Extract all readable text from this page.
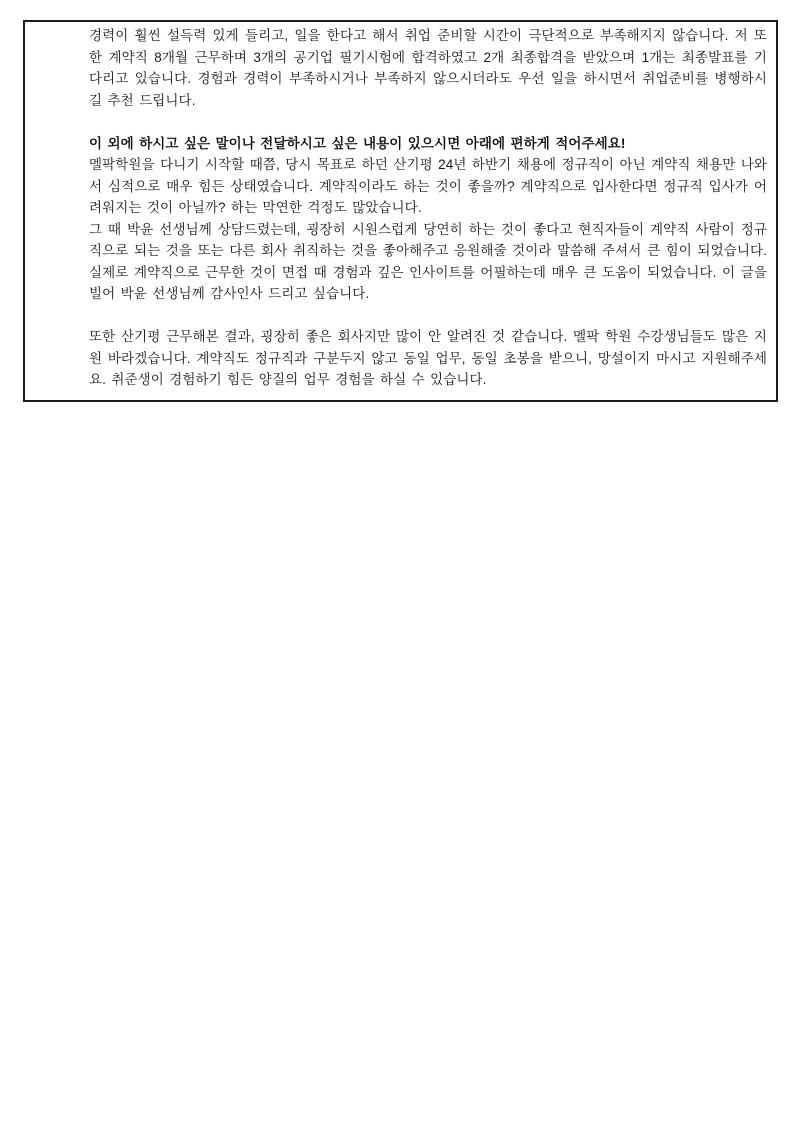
경력이 훨씬 설득력 있게 들리고, 일을 한다고 해서 취업 준비할 시간이 극단적으로 부족해지지 않습니다. 저 또한 계약직 8개월 근무하며 3개의 공기업 필기시험에 합격하였고 2개 최종합격을 받았으며 1개는 최종발표를 기다리고 있습니다. 경험과 경력이 부족하시거나 부족하지 않으시더라도 우선 일을 하시면서 취업준비를 병행하시길 추천 드립니다.

이 외에 하시고 싶은 말이나 전달하시고 싶은 내용이 있으시면 아래에 편하게 적어주세요!

멜팍학원을 다니기 시작할 때쯤, 당시 목표로 하던 산기평 24년 하반기 채용에 정규직이 아닌 계약직 채용만 나와서 심적으로 매우 힘든 상태였습니다. 계약직이라도 하는 것이 좋을까? 계약직으로 입사한다면 정규직 입사가 어려워지는 것이 아닐까? 하는 막연한 걱정도 많았습니다.

그 때 박윤 선생님께 상담드렸는데, 굉장히 시원스럽게 당연히 하는 것이 좋다고 현직자들이 계약직 사람이 정규직으로 되는 것을 또는 다른 회사 취직하는 것을 좋아해주고 응원해줄 것이라 말씀해 주셔서 큰 힘이 되었습니다. 실제로 계약직으로 근무한 것이 면접 때 경험과 깊은 인사이트를 어필하는데 매우 큰 도움이 되었습니다. 이 글을 빌어 박윤 선생님께 감사인사 드리고 싶습니다.

또한 산기평 근무해본 결과, 굉장히 좋은 회사지만 많이 안 알려진 것 같습니다. 멜팍 학원 수강생님들도 많은 지원 바라겠습니다. 계약직도 정규직과 구분두지 않고 동일 업무, 동일 초봉을 받으니, 망설이지 마시고 지원해주세요. 취준생이 경험하기 힘든 양질의 업무 경험을 하실 수 있습니다.
